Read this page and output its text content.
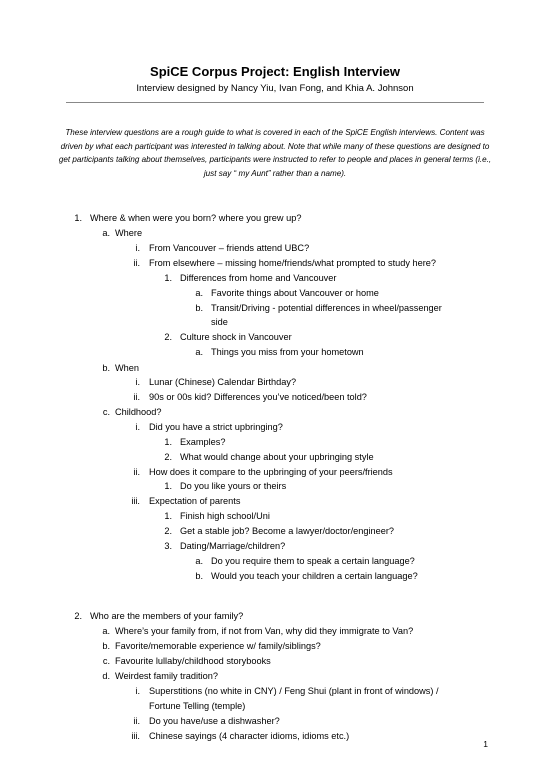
SpiCE Corpus Project: English Interview
Interview designed by Nancy Yiu, Ivan Fong, and Khia A. Johnson
These interview questions are a rough guide to what is covered in each of the SpiCE English interviews. Content was driven by what each participant was interested in talking about. Note that while many of these questions are designed to get participants talking about themselves, participants were instructed to refer to people and places in general terms (i.e., just say “ my Aunt” rather than a name).
1. Where & when were you born? where you grew up?
a. Where
i. From Vancouver – friends attend UBC?
ii. From elsewhere – missing home/friends/what prompted to study here?
1. Differences from home and Vancouver
a. Favorite things about Vancouver or home
b. Transit/Driving - potential differences in wheel/passenger
side
2. Culture shock in Vancouver
a. Things you miss from your hometown
b. When
i. Lunar (Chinese) Calendar Birthday?
ii. 90s or 00s kid? Differences you’ve noticed/been told?
c. Childhood?
i. Did you have a strict upbringing?
1. Examples?
2. What would change about your upbringing style
ii. How does it compare to the upbringing of your peers/friends
1. Do you like yours or theirs
iii. Expectation of parents
1. Finish high school/Uni
2. Get a stable job? Become a lawyer/doctor/engineer?
3. Dating/Marriage/children?
a. Do you require them to speak a certain language?
b. Would you teach your children a certain language?
2. Who are the members of your family?
a. Where’s your family from, if not from Van, why did they immigrate to Van?
b. Favorite/memorable experience w/ family/siblings?
c. Favourite lullaby/childhood storybooks
d. Weirdest family tradition?
i. Superstitions (no white in CNY) / Feng Shui (plant in front of windows) /
Fortune Telling (temple)
ii. Do you have/use a dishwasher?
iii. Chinese sayings (4 character idioms, idioms etc.)
1
